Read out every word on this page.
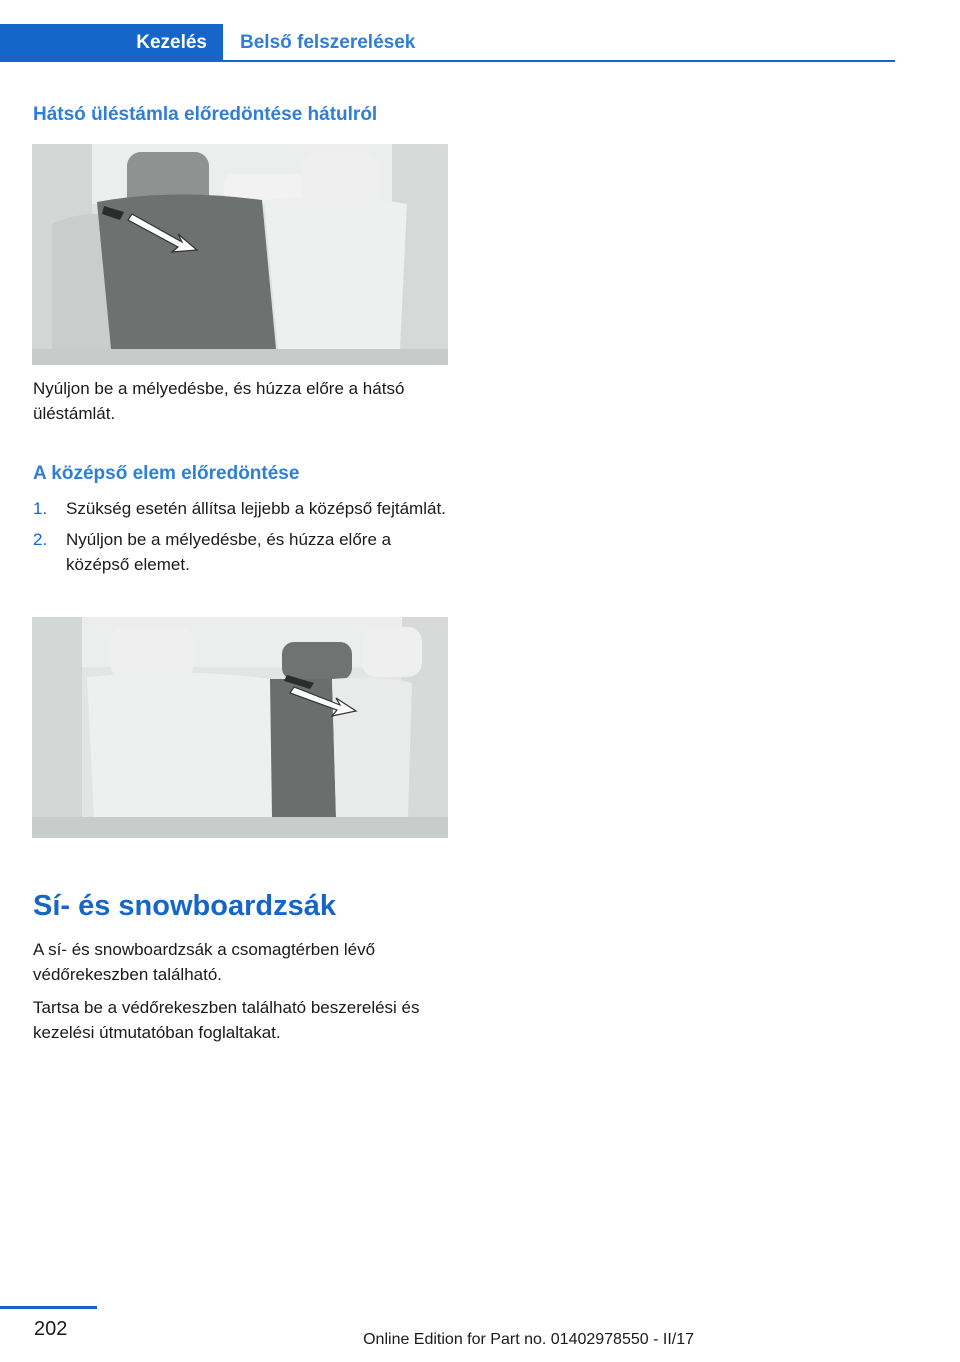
Kezelés	Belső felszerelések
Hátsó üléstámla előredöntése hátulról

Nyúljon be a mélyedésbe, és húzza előre a hátsó üléstámlát.

A középső elem előredöntése
1. Szükség esetén állítsa lejjebb a középső fejtámlát.
2. Nyúljon be a mélyedésbe, és húzza előre a középső elemet.
Sí- és snowboardzsák

A sí- és snowboardzsák a csomagtérben lévő védőrekeszben található.

Tartsa be a védőrekeszben található beszerelési és kezelési útmutatóban foglaltakat.

202	Online Edition for Part no. 01402978550 - II/17
